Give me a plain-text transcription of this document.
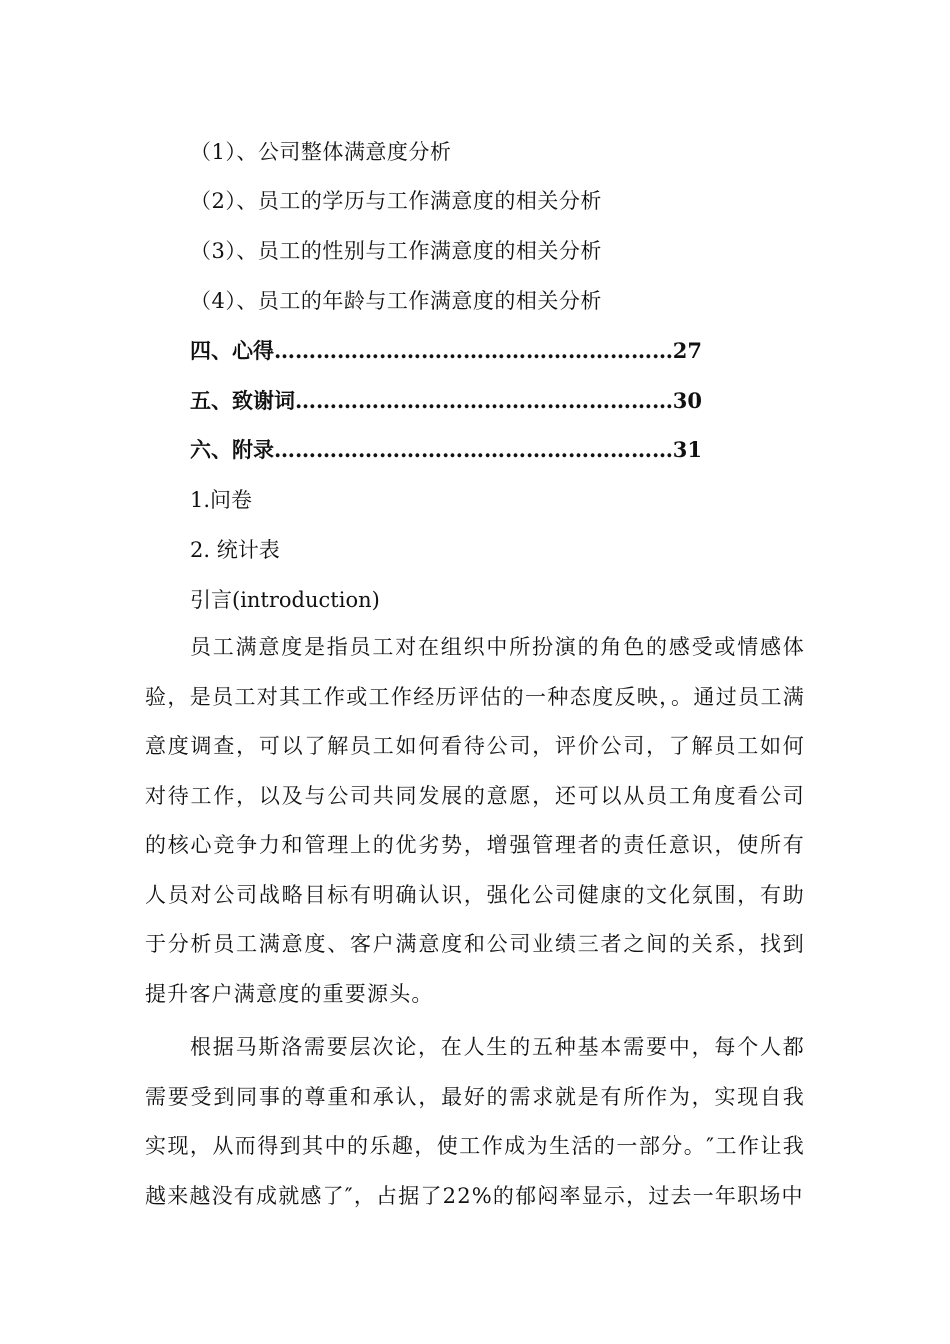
（1）、公司整体满意度分析
（2）、员工的学历与工作满意度的相关分析
（3）、员工的性别与工作满意度的相关分析
（4）、员工的年龄与工作满意度的相关分析
四、心得 ………………………………………………………………………………………………	27
五、致谢词 ………………………………………………………………………………………………	30
六、附录 ………………………………………………………………………………………………	31
1.问卷
2. 统计表
引言(introduction)

员工满意度是指员工对在组织中所扮演的角色的感受或情感体验，是员工对其工作或工作经历评估的一种态度反映，。通过员工满意度调查，可以了解员工如何看待公司，评价公司，了解员工如何对待工作，以及与公司共同发展的意愿，还可以从员工角度看公司的核心竞争力和管理上的优劣势，增强管理者的责任意识，使所有人员对公司战略目标有明确认识，强化公司健康的文化氛围，有助于分析员工满意度、客户满意度和公司业绩三者之间的关系，找到提升客户满意度的重要源头。

根据马斯洛需要层次论，在人生的五种基本需要中，每个人都需要受到同事的尊重和承认，最好的需求就是有所作为，实现自我实现，从而得到其中的乐趣，使工作成为生活的一部分。″工作让我越来越没有成就感了″，占据了22%的郁闷率显示，过去一年职场中
